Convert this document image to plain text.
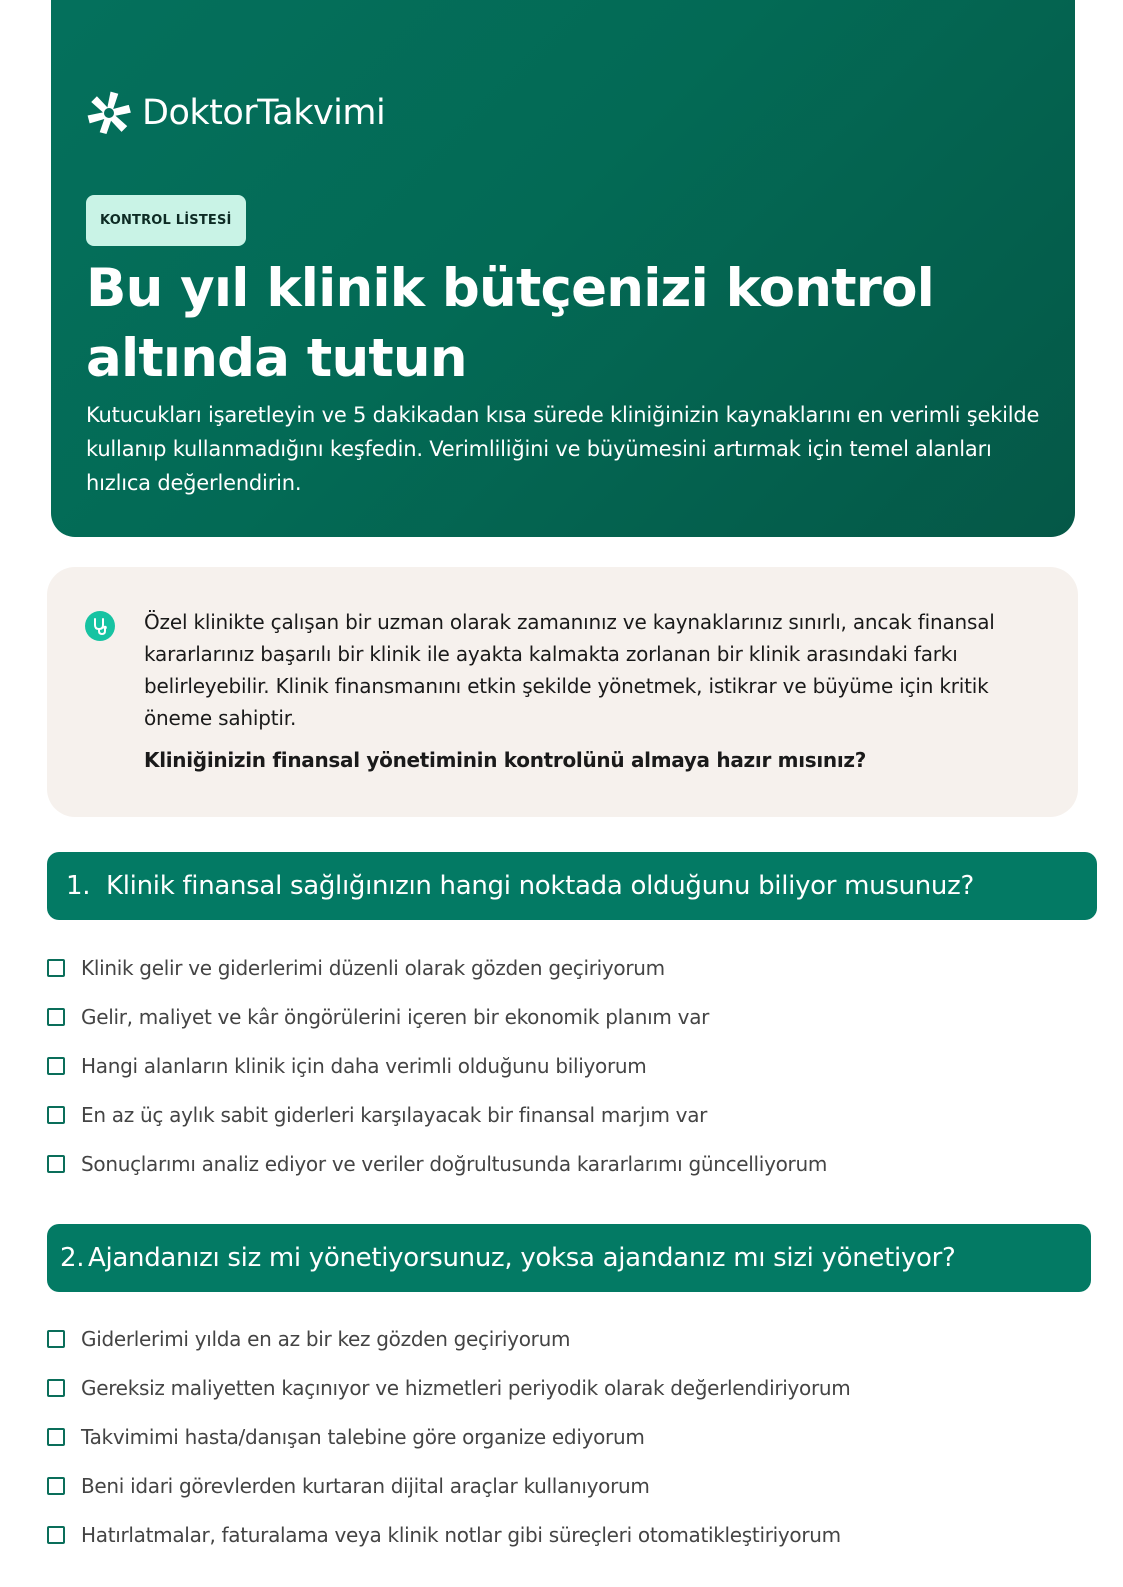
DoktorTakvimi
KONTROL LİSTESİ
Bu yıl klinik bütçenizi kontrol altında tutun

Kutucukları işaretleyin ve 5 dakikadan kısa sürede kliniğinizin kaynaklarını en verimli şekilde kullanıp kullanmadığını keşfedin. Verimliliğini ve büyümesini artırmak için temel alanları hızlıca değerlendirin.

Özel klinikte çalışan bir uzman olarak zamanınız ve kaynaklarınız sınırlı, ancak finansal kararlarınız başarılı bir klinik ile ayakta kalmakta zorlanan bir klinik arasındaki farkı belirleyebilir. Klinik finansmanını etkin şekilde yönetmek, istikrar ve büyüme için kritik öneme sahiptir.

Kliniğinizin finansal yönetiminin kontrolünü almaya hazır mısınız?

1. Klinik finansal sağlığınızın hangi noktada olduğunu biliyor musunuz?
Klinik gelir ve giderlerimi düzenli olarak gözden geçiriyorum
Gelir, maliyet ve kâr öngörülerini içeren bir ekonomik planım var
Hangi alanların klinik için daha verimli olduğunu biliyorum
En az üç aylık sabit giderleri karşılayacak bir finansal marjım var
Sonuçlarımı analiz ediyor ve veriler doğrultusunda kararlarımı güncelliyorum
2. Ajandanızı siz mi yönetiyorsunuz, yoksa ajandanız mı sizi yönetiyor?
Giderlerimi yılda en az bir kez gözden geçiriyorum
Gereksiz maliyetten kaçınıyor ve hizmetleri periyodik olarak değerlendiriyorum
Takvimimi hasta/danışan talebine göre organize ediyorum
Beni idari görevlerden kurtaran dijital araçlar kullanıyorum
Hatırlatmalar, faturalama veya klinik notlar gibi süreçleri otomatikleştiriyorum
